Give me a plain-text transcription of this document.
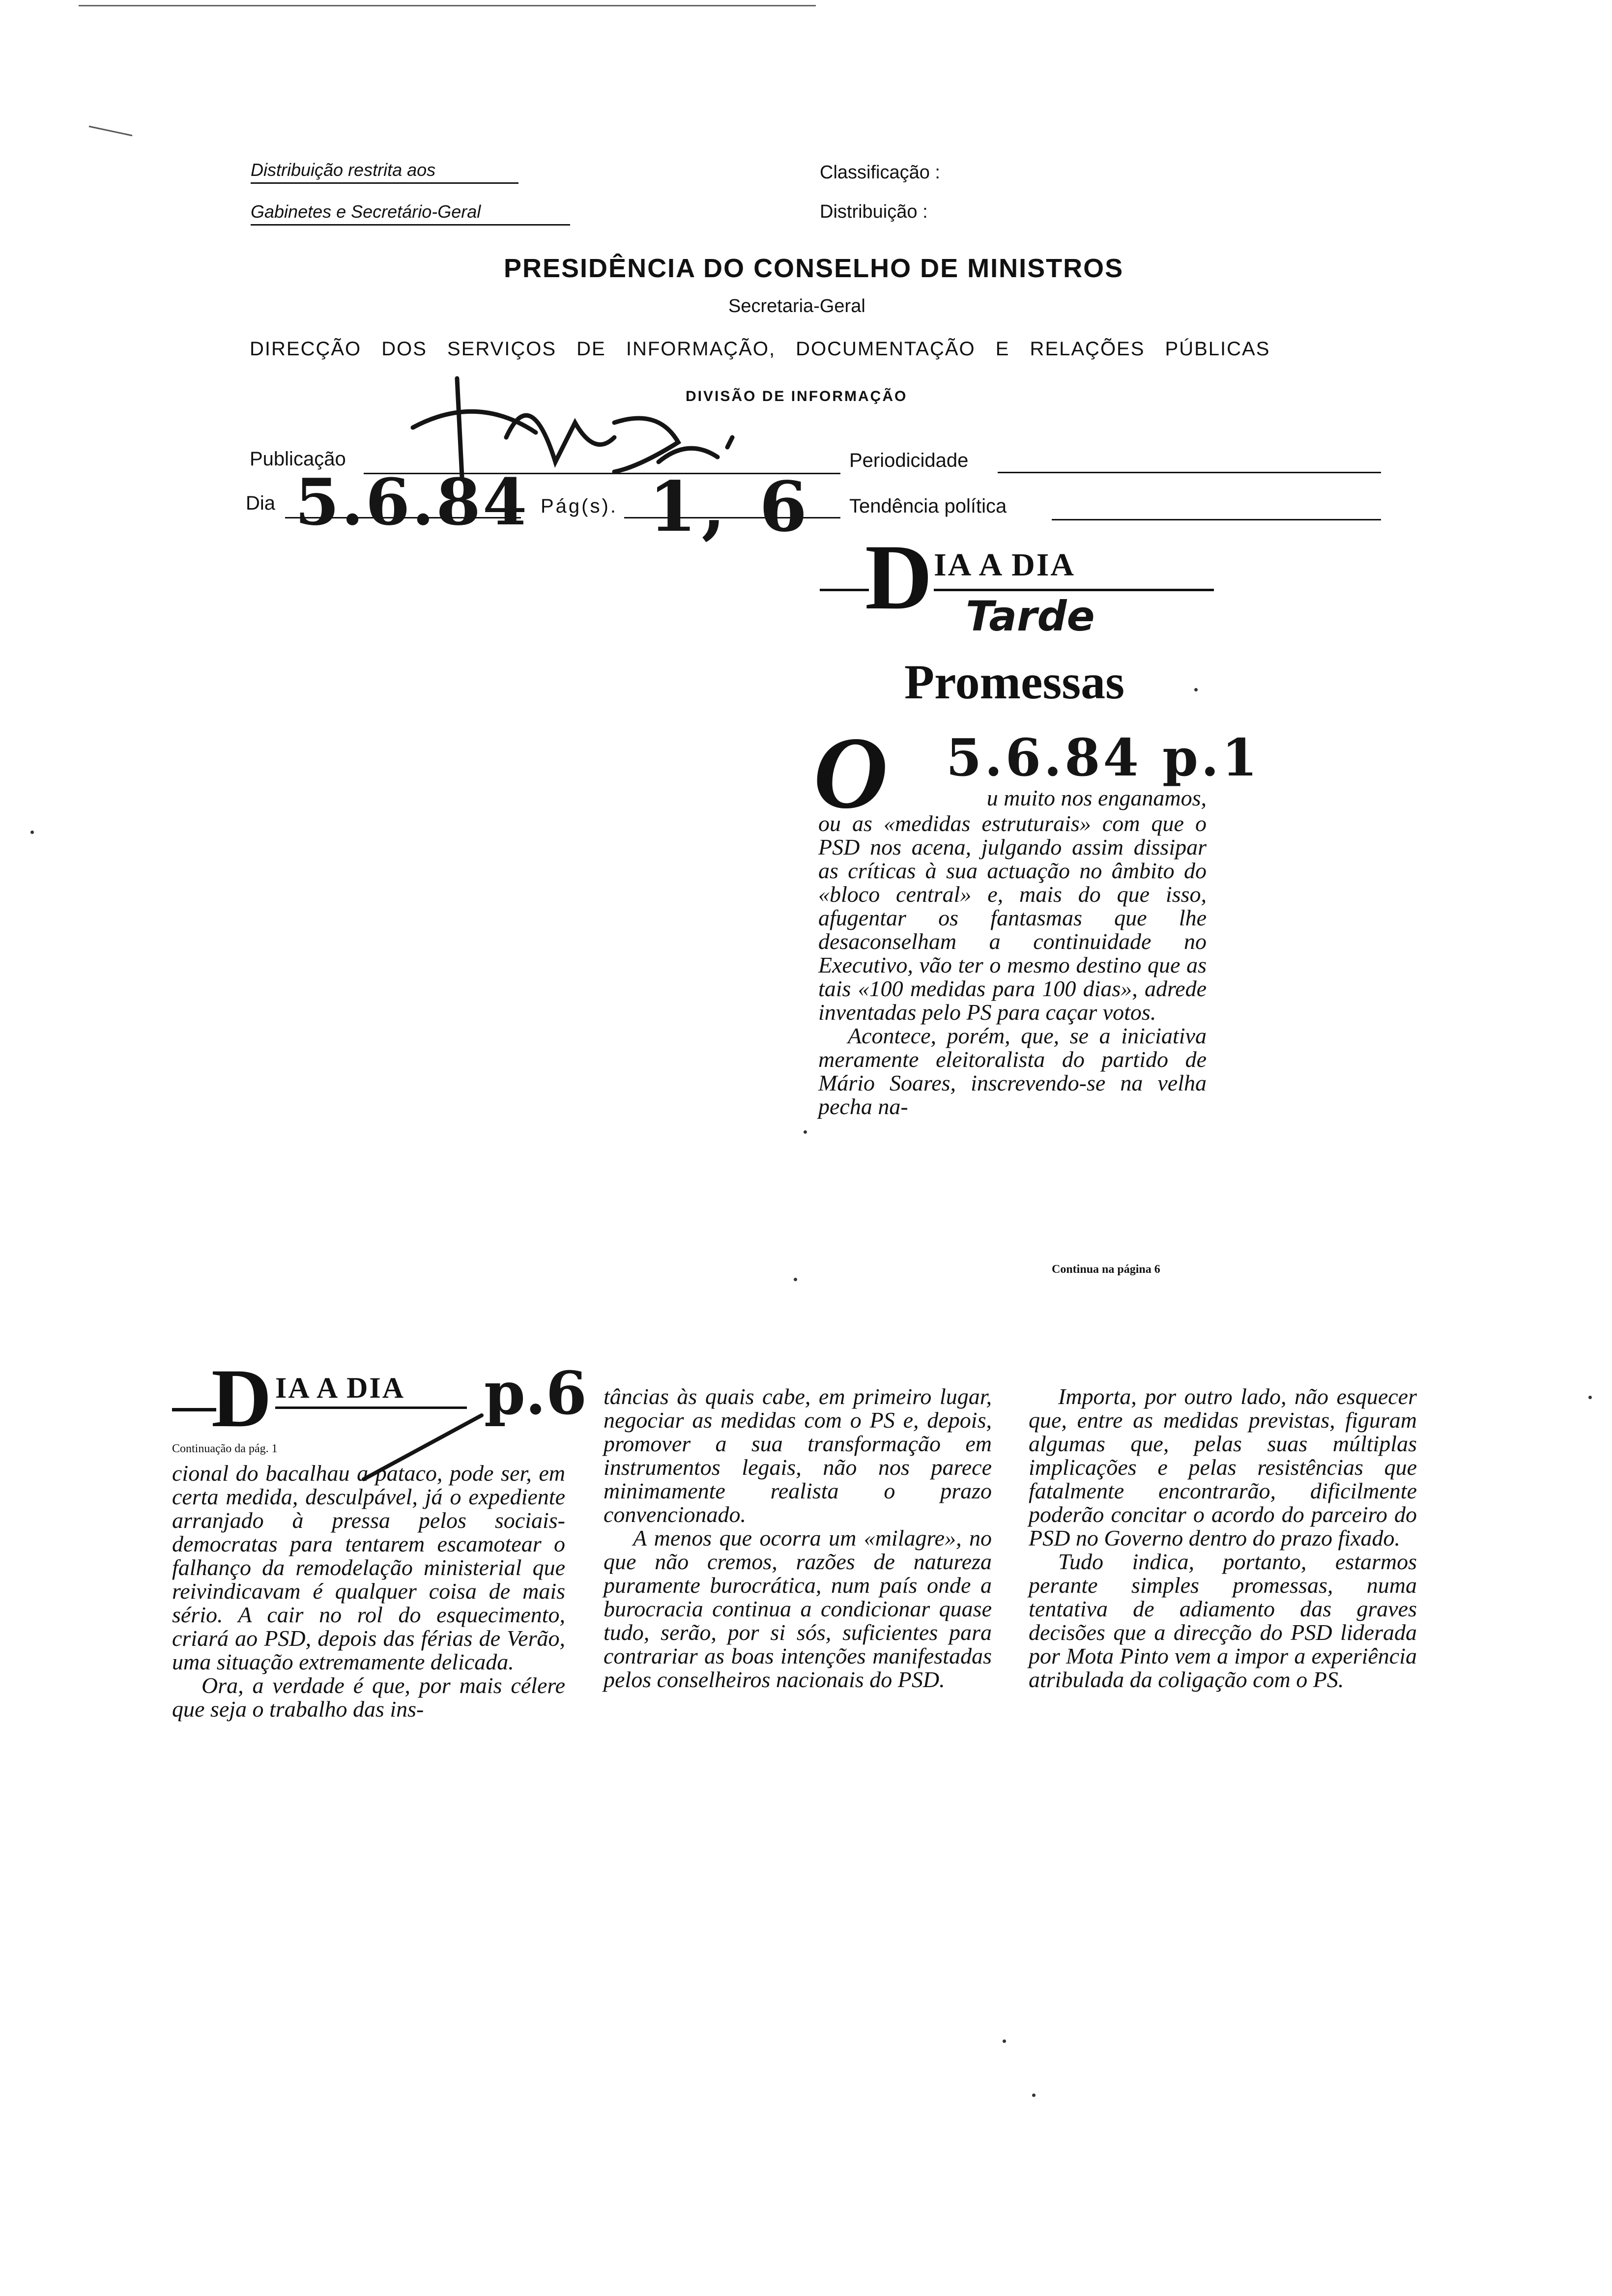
Distribuição restrita aos
Gabinetes e Secretário-Geral
Classificação :
Distribuição :
PRESIDÊNCIA DO CONSELHO DE MINISTROS
Secretaria-Geral
DIRECÇÃO DOS SERVIÇOS DE INFORMAÇÃO, DOCUMENTAÇÃO E RELAÇÕES PÚBLICAS
DIVISÃO DE INFORMAÇÃO
Publicação
Dia	Pág(s).
Periodicidade
Tendência política
5.6.84 1, 6
D IA A DIA
Tarde
Promessas
O 5.6.84 p.1
u muito nos enganamos,

ou as «medidas estruturais» com que o PSD nos acena, julgando assim dissipar as críticas à sua actuação no âmbito do «bloco central» e, mais do que isso, afugentar os fantasmas que lhe desaconselham a continuidade no Executivo, vão ter o mesmo destino que as tais «100 medidas para 100 dias», adrede inventadas pelo PS para caçar votos.

Acontece, porém, que, se a iniciativa meramente eleitoralista do partido de Mário Soares, inscrevendo-se na velha pecha na-

Continua na página 6
D IA A DIA p.6
Continuação da pág. 1

cional do bacalhau a pataco, pode ser, em certa medida, desculpável, já o expediente arranjado à pressa pelos sociais-democratas para tentarem escamotear o falhanço da remodelação ministerial que reivindicavam é qualquer coisa de mais sério. A cair no rol do esquecimento, criará ao PSD, depois das férias de Verão, uma situação extremamente delicada.

Ora, a verdade é que, por mais célere que seja o trabalho das ins-

tâncias às quais cabe, em primeiro lugar, negociar as medidas com o PS e, depois, promover a sua transformação em instrumentos legais, não nos parece minimamente realista o prazo convencionado.

A menos que ocorra um «milagre», no que não cremos, razões de natureza puramente burocrática, num país onde a burocracia continua a condicionar quase tudo, serão, por si sós, suficientes para contrariar as boas intenções manifestadas pelos conselheiros nacionais do PSD.

Importa, por outro lado, não esquecer que, entre as medidas previstas, figuram algumas que, pelas suas múltiplas implicações e pelas resistências que fatalmente encontrarão, dificilmente poderão concitar o acordo do parceiro do PSD no Governo dentro do prazo fixado.

Tudo indica, portanto, estarmos perante simples promessas, numa tentativa de adiamento das graves decisões que a direcção do PSD liderada por Mota Pinto vem a impor a experiência atribulada da coligação com o PS.
